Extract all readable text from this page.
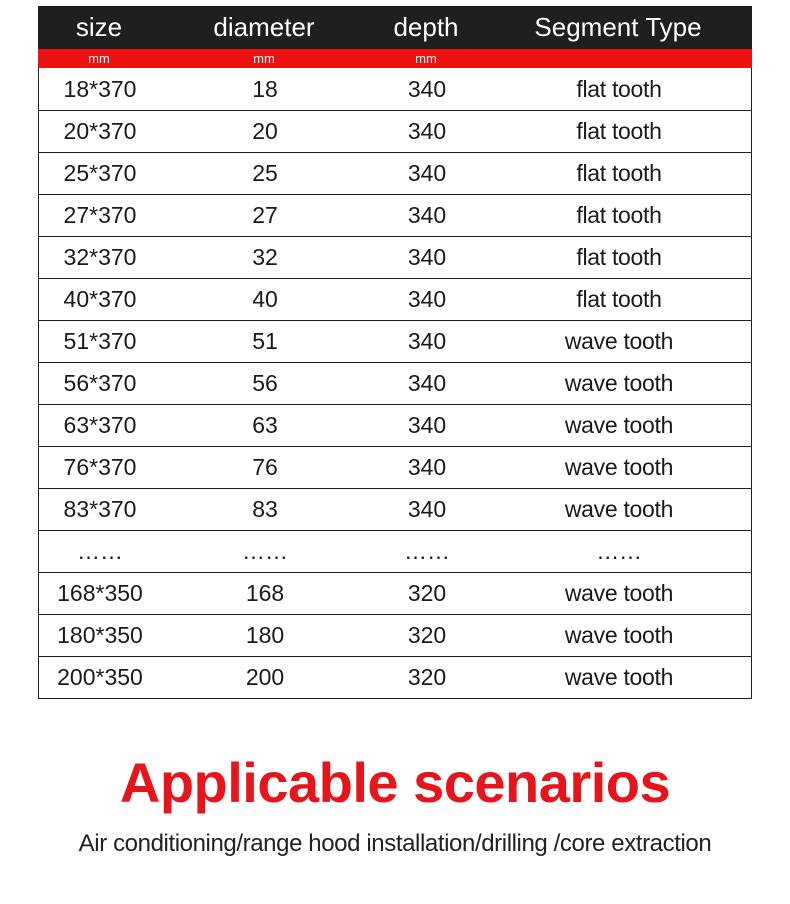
size	diameter	depth	Segment Type
mm	mm	mm
18*370	18	340	flat tooth
20*370	20	340	flat tooth
25*370	25	340	flat tooth
27*370	27	340	flat tooth
32*370	32	340	flat tooth
40*370	40	340	flat tooth
51*370	51	340	wave tooth
56*370	56	340	wave tooth
63*370	63	340	wave tooth
76*370	76	340	wave tooth
83*370	83	340	wave tooth
……	……	……	……
168*350	168	320	wave tooth
180*350	180	320	wave tooth
200*350	200	320	wave tooth
Applicable scenarios
Air conditioning/range hood installation/drilling /core extraction
